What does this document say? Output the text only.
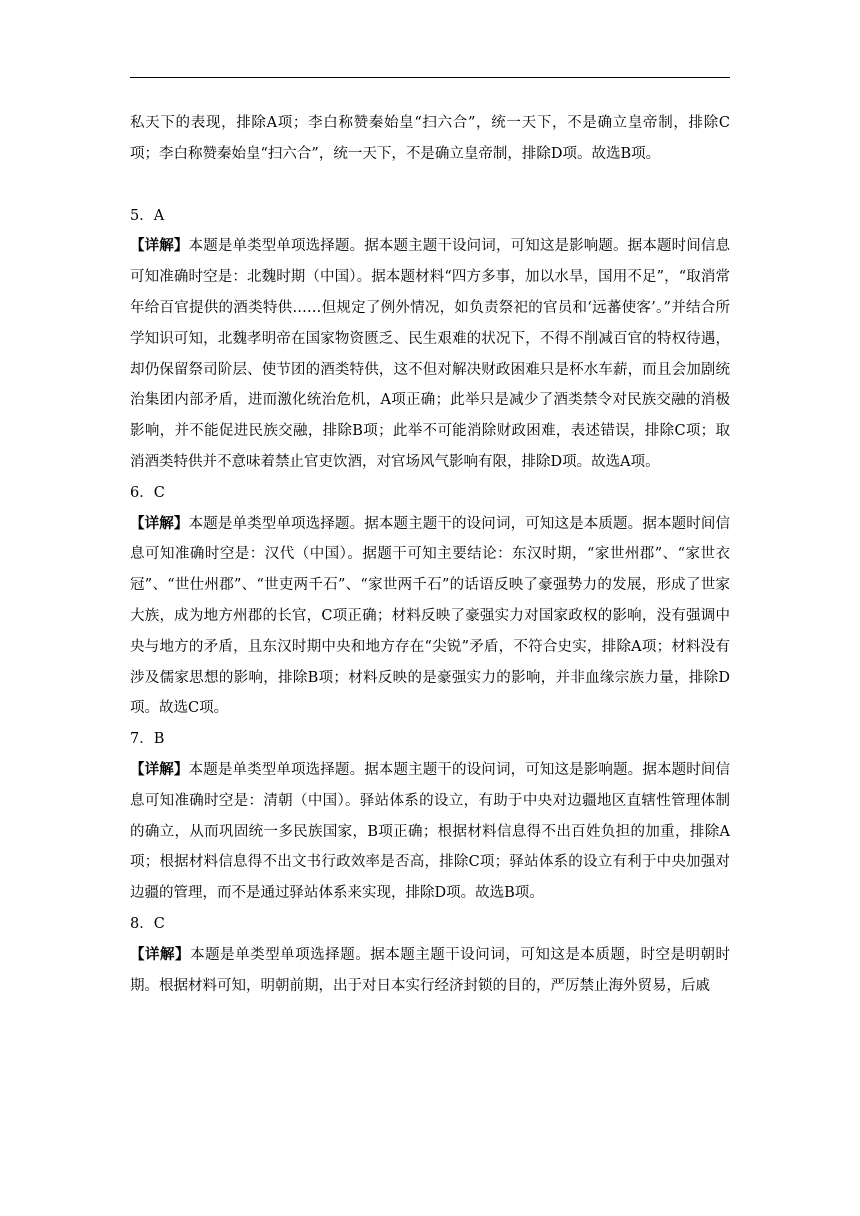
私天下的表现，排除A项；李白称赞秦始皇“扫六合”，统一天下，不是确立皇帝制，排除C项；李白称赞秦始皇“扫六合”，统一天下，不是确立皇帝制，排除D项。故选B项。

5．A

【详解】本题是单类型单项选择题。据本题主题干设问词，可知这是影响题。据本题时间信息可知准确时空是：北魏时期（中国）。据本题材料“四方多事，加以水旱，国用不足”，“取消常年给百官提供的酒类特供……但规定了例外情况，如负责祭祀的官员和‘远蕃使客’。”并结合所学知识可知，北魏孝明帝在国家物资匮乏、民生艰难的状况下，不得不削减百官的特权待遇，却仍保留祭司阶层、使节团的酒类特供，这不但对解决财政困难只是杯水车薪，而且会加剧统治集团内部矛盾，进而激化统治危机，A项正确；此举只是减少了酒类禁令对民族交融的消极影响，并不能促进民族交融，排除B项；此举不可能消除财政困难，表述错误，排除C项；取消酒类特供并不意味着禁止官吏饮酒，对官场风气影响有限，排除D项。故选A项。

6．C

【详解】本题是单类型单项选择题。据本题主题干的设问词，可知这是本质题。据本题时间信息可知准确时空是：汉代（中国）。据题干可知主要结论：东汉时期，“家世州郡”、“家世衣冠”、“世仕州郡”、“世吏两千石”、“家世两千石”的话语反映了豪强势力的发展，形成了世家大族，成为地方州郡的长官，C项正确；材料反映了豪强实力对国家政权的影响，没有强调中央与地方的矛盾，且东汉时期中央和地方存在“尖锐”矛盾，不符合史实，排除A项；材料没有涉及儒家思想的影响，排除B项；材料反映的是豪强实力的影响，并非血缘宗族力量，排除D项。故选C项。

7．B

【详解】本题是单类型单项选择题。据本题主题干的设问词，可知这是影响题。据本题时间信息可知准确时空是：清朝（中国）。驿站体系的设立，有助于中央对边疆地区直辖性管理体制的确立，从而巩固统一多民族国家，B项正确；根据材料信息得不出百姓负担的加重，排除A项；根据材料信息得不出文书行政效率是否高，排除C项；驿站体系的设立有利于中央加强对边疆的管理，而不是通过驿站体系来实现，排除D项。故选B项。

8．C

【详解】本题是单类型单项选择题。据本题主题干设问词，可知这是本质题，时空是明朝时期。根据材料可知，明朝前期，出于对日本实行经济封锁的目的，严厉禁止海外贸易，后戚
